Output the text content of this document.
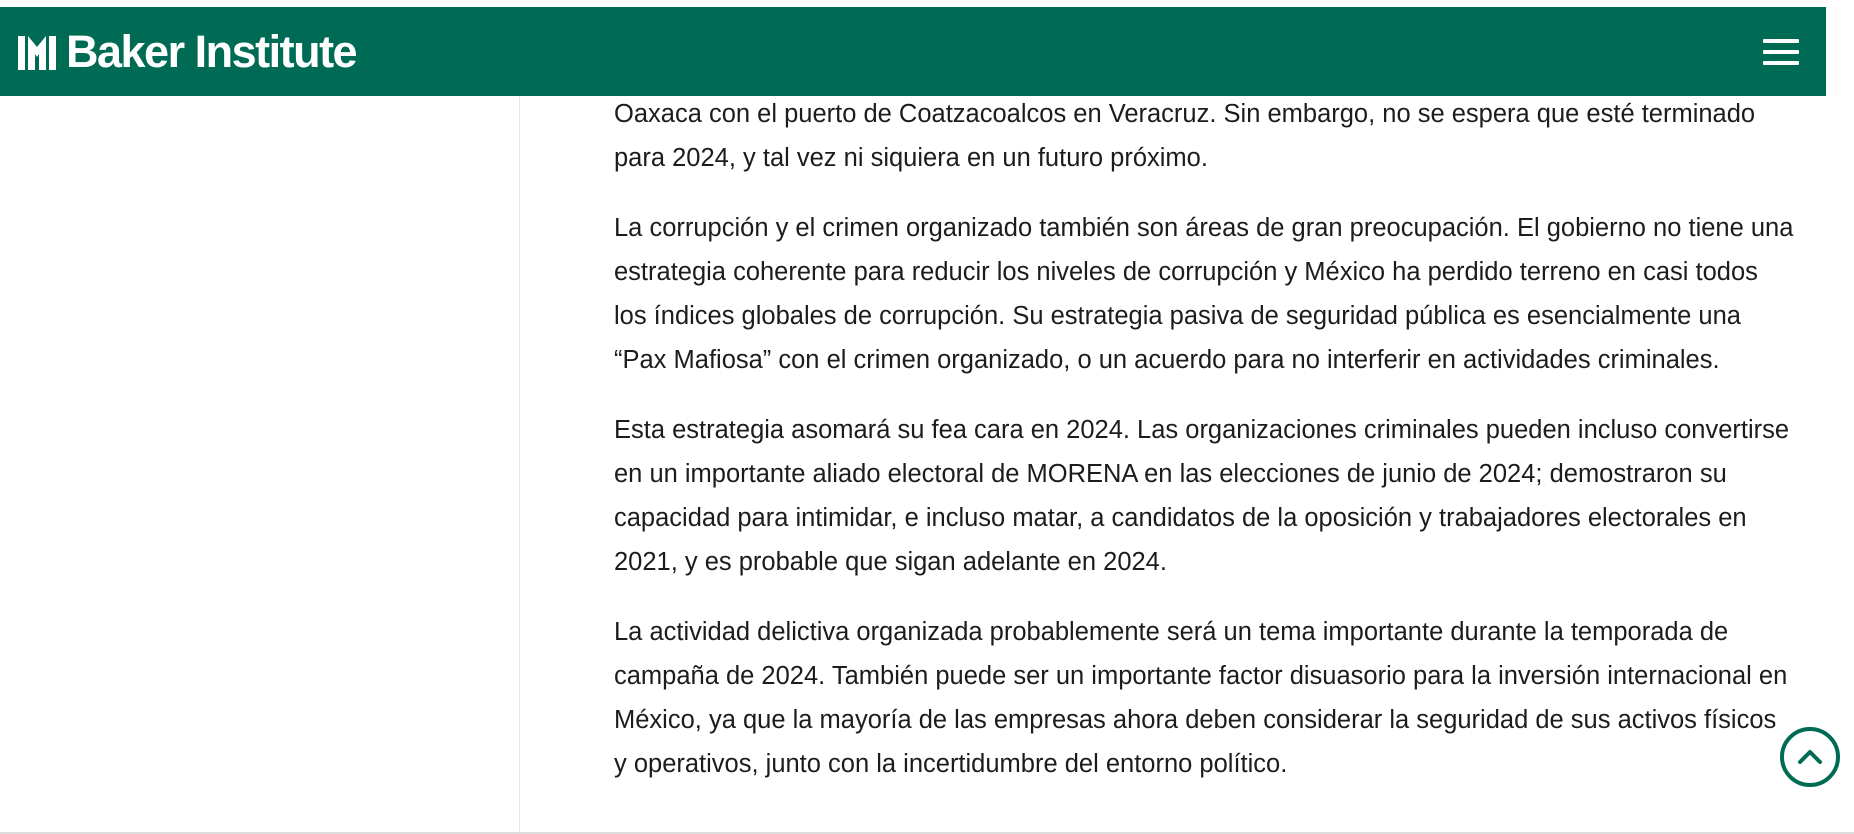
Baker Institute

Oaxaca con el puerto de Coatzacoalcos en Veracruz. Sin embargo, no se espera que esté terminado para 2024, y tal vez ni siquiera en un futuro próximo.

La corrupción y el crimen organizado también son áreas de gran preocupación. El gobierno no tiene una estrategia coherente para reducir los niveles de corrupción y México ha perdido terreno en casi todos los índices globales de corrupción. Su estrategia pasiva de seguridad pública es esencialmente una “Pax Mafiosa” con el crimen organizado, o un acuerdo para no interferir en actividades criminales.

Esta estrategia asomará su fea cara en 2024. Las organizaciones criminales pueden incluso convertirse en un importante aliado electoral de MORENA en las elecciones de junio de 2024; demostraron su capacidad para intimidar, e incluso matar, a candidatos de la oposición y trabajadores electorales en 2021, y es probable que sigan adelante en 2024.

La actividad delictiva organizada probablemente será un tema importante durante la temporada de campaña de 2024. También puede ser un importante factor disuasorio para la inversión internacional en México, ya que la mayoría de las empresas ahora deben considerar la seguridad de sus activos físicos y operativos, junto con la incertidumbre del entorno político.
